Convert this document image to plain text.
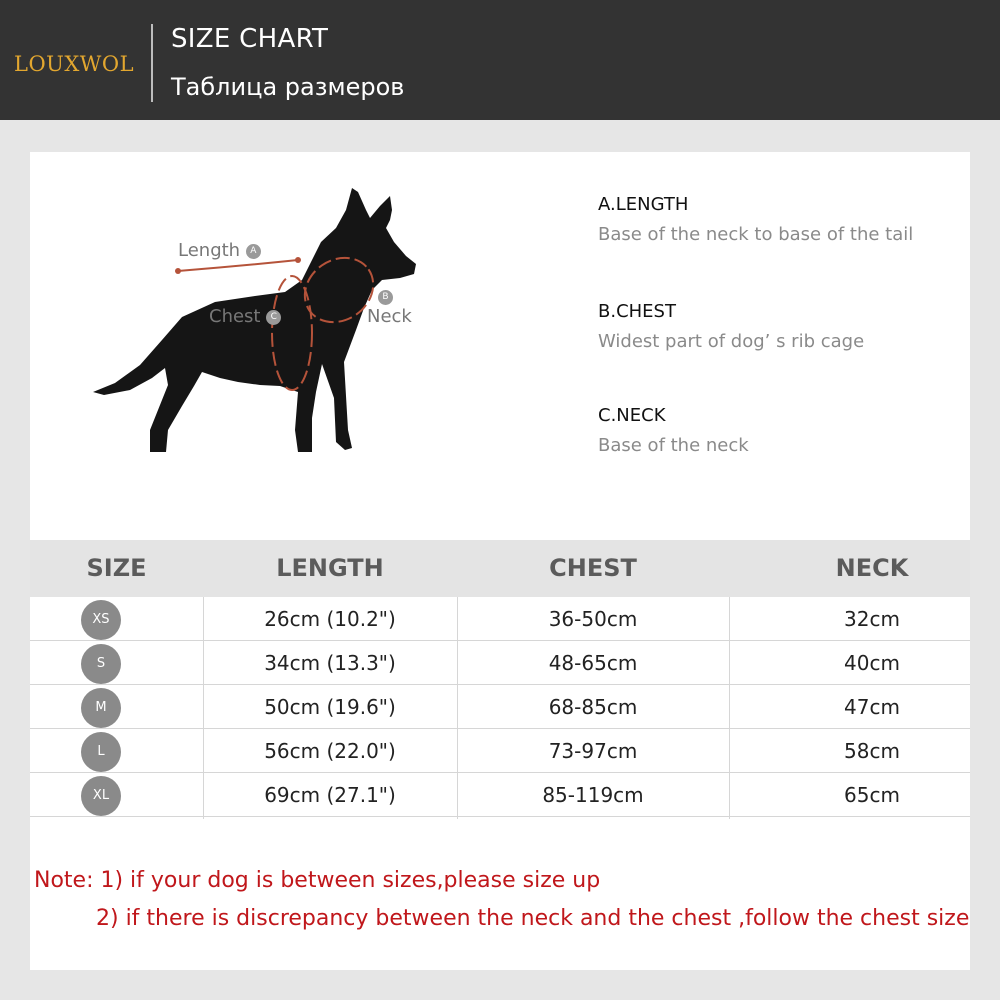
LOUXWOL
SIZE CHART
Таблица размеров
Length A
Chest C
B
Neck
A.LENGTH
Base of the neck to base of the tail
B.CHEST
Widest part of dog’ s rib cage
C.NECK
Base of the neck
SIZE	LENGTH	CHEST	NECK
XS	26cm (10.2")	36-50cm	32cm
S	34cm (13.3")	48-65cm	40cm
M	50cm (19.6")	68-85cm	47cm
L	56cm (22.0")	73-97cm	58cm
XL	69cm (27.1")	85-119cm	65cm
Note: 1) if your dog is between sizes,please size up
2) if there is discrepancy between the neck and the chest ,follow the chest size
